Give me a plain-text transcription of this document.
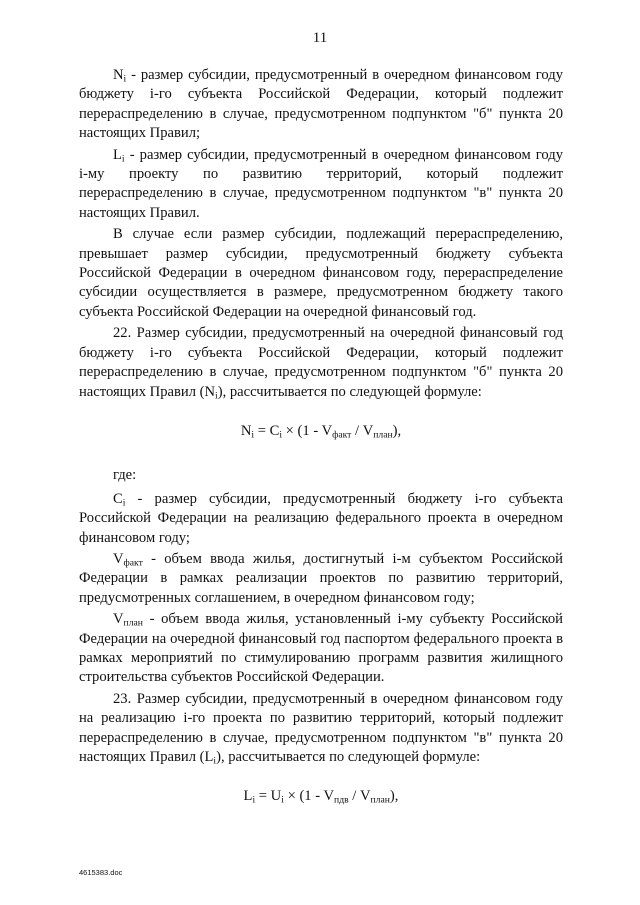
11

$N_i$ - размер субсидии, предусмотренный в очередном финансовом году бюджету i-го субъекта Российской Федерации, который подлежит перераспределению в случае, предусмотренном подпунктом "б" пункта 20 настоящих Правил;

$L_i$ - размер субсидии, предусмотренный в очередном финансовом году i-му проекту по развитию территорий, который подлежит перераспределению в случае, предусмотренном подпунктом "в" пункта 20 настоящих Правил.

В случае если размер субсидии, подлежащий перераспределению, превышает размер субсидии, предусмотренный бюджету субъекта Российской Федерации в очередном финансовом году, перераспределение субсидии осуществляется в размере, предусмотренном бюджету такого субъекта Российской Федерации на очередной финансовый год.

22. Размер субсидии, предусмотренный на очередной финансовый год бюджету i-го субъекта Российской Федерации, который подлежит перераспределению в случае, предусмотренном подпунктом "б" пункта 20 настоящих Правил $(N_i)$, рассчитывается по следующей формуле:

$N_i = C_i \times (1 - V_{факт} / V_{план})$,

где:

$C_i$ - размер субсидии, предусмотренный бюджету i-го субъекта Российской Федерации на реализацию федерального проекта в очередном финансовом году;

$V_{факт}$ - объем ввода жилья, достигнутый i-м субъектом Российской Федерации в рамках реализации проектов по развитию территорий, предусмотренных соглашением, в очередном финансовом году;

$V_{план}$ - объем ввода жилья, установленный i-му субъекту Российской Федерации на очередной финансовый год паспортом федерального проекта в рамках мероприятий по стимулированию программ развития жилищного строительства субъектов Российской Федерации.

23. Размер субсидии, предусмотренный в очередном финансовом году на реализацию i-го проекта по развитию территорий, который подлежит перераспределению в случае, предусмотренном подпунктом "в" пункта 20 настоящих Правил $(L_i)$, рассчитывается по следующей формуле:

$L_i = U_i \times (1 - V_{пдв} / V_{план})$,

4615383.doc
